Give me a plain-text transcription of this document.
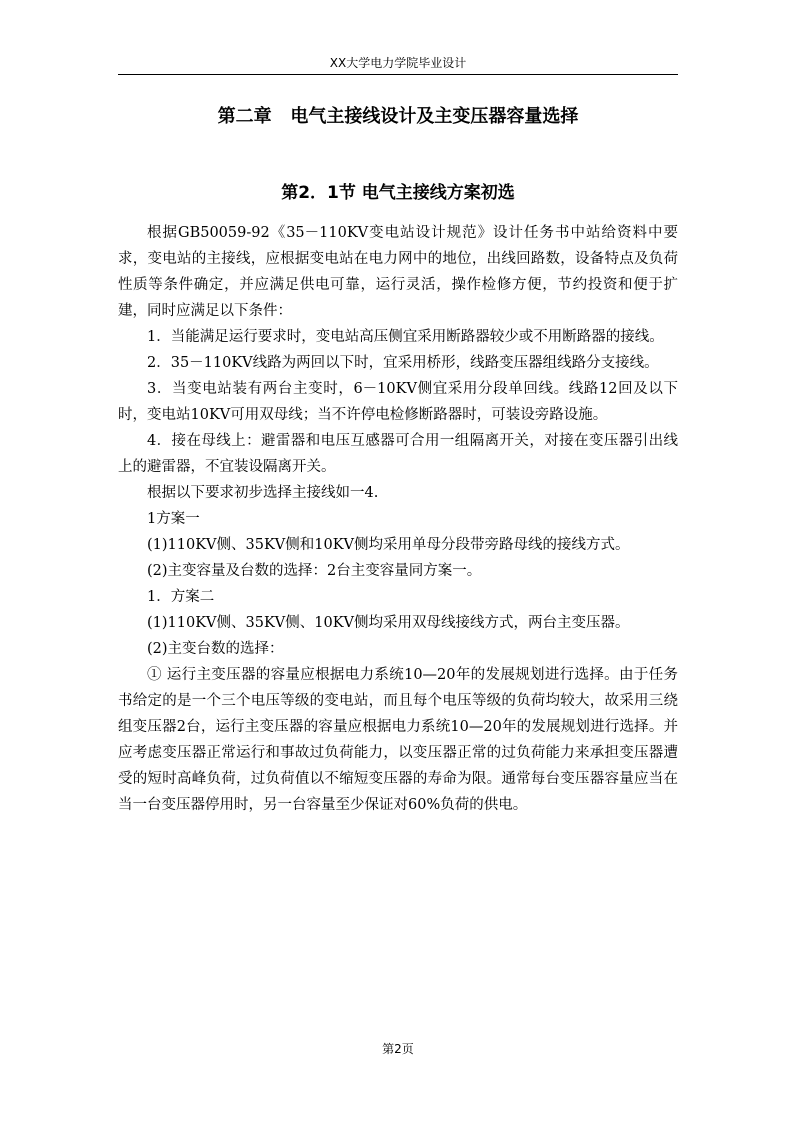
XX大学电力学院毕业设计
第二章   电气主接线设计及主变压器容量选择
第2．1节 电气主接线方案初选

根据GB50059-92《35－110KV变电站设计规范》设计任务书中站给资料中要求，变电站的主接线，应根据变电站在电力网中的地位，出线回路数，设备特点及负荷性质等条件确定，并应满足供电可靠，运行灵活，操作检修方便，节约投资和便于扩建，同时应满足以下条件：

1．当能满足运行要求时，变电站高压侧宜采用断路器较少或不用断路器的接线。

2．35－110KV线路为两回以下时，宜采用桥形，线路变压器组线路分支接线。

3．当变电站装有两台主变时，6－10KV侧宜采用分段单回线。线路12回及以下时，变电站10KV可用双母线；当不许停电检修断路器时，可装设旁路设施。

4．接在母线上：避雷器和电压互感器可合用一组隔离开关，对接在变压器引出线上的避雷器，不宜装设隔离开关。

根据以下要求初步选择主接线如一4.

1方案一

(1)110KV侧、35KV侧和10KV侧均采用单母分段带旁路母线的接线方式。

(2)主变容量及台数的选择：2台主变容量同方案一。

1．方案二

(1)110KV侧、35KV侧、10KV侧均采用双母线接线方式，两台主变压器。

(2)主变台数的选择：

① 运行主变压器的容量应根据电力系统10—20年的发展规划进行选择。由于任务书给定的是一个三个电压等级的变电站，而且每个电压等级的负荷均较大，故采用三绕组变压器2台，运行主变压器的容量应根据电力系统10—20年的发展规划进行选择。并应考虑变压器正常运行和事故过负荷能力，以变压器正常的过负荷能力来承担变压器遭受的短时高峰负荷，过负荷值以不缩短变压器的寿命为限。通常每台变压器容量应当在当一台变压器停用时，另一台容量至少保证对60%负荷的供电。

第2页
